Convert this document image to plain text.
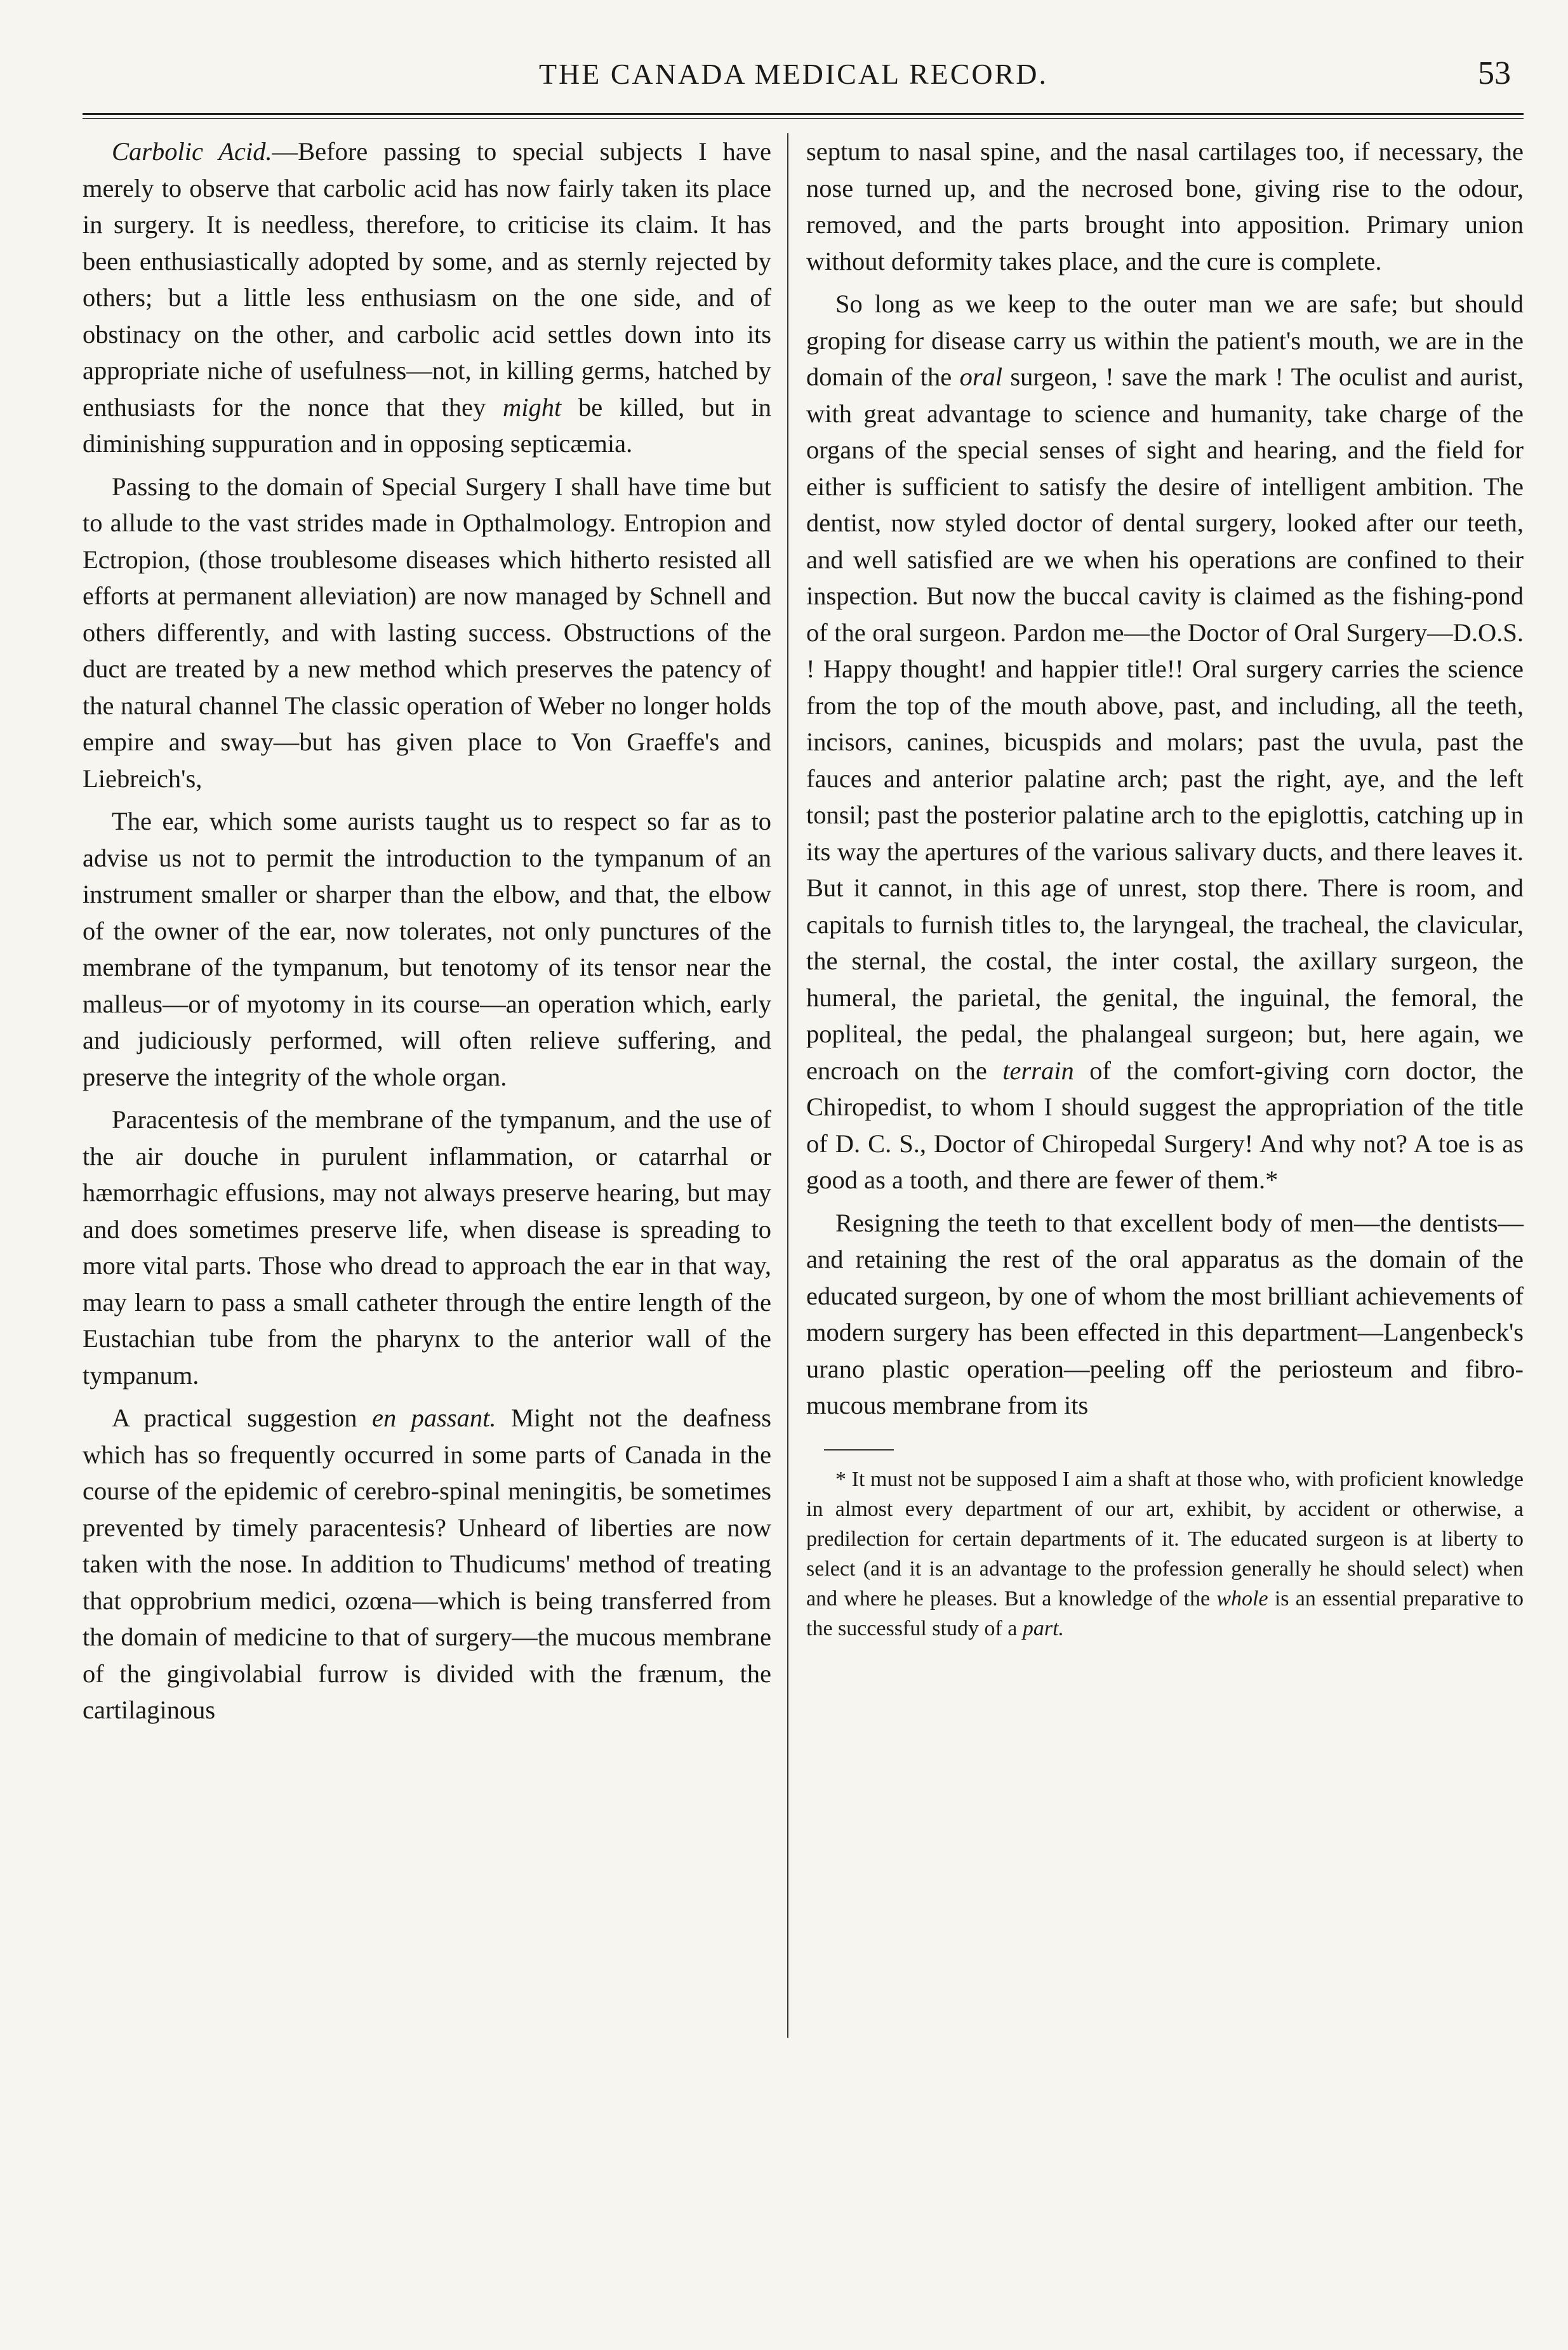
THE CANADA MEDICAL RECORD.	53

Carbolic Acid.—Before passing to special subjects I have merely to observe that carbolic acid has now fairly taken its place in surgery. It is needless, therefore, to criticise its claim. It has been enthusiastically adopted by some, and as sternly rejected by others; but a little less enthusiasm on the one side, and of obstinacy on the other, and carbolic acid settles down into its appropriate niche of usefulness—not, in killing germs, hatched by enthusiasts for the nonce that they might be killed, but in diminishing suppuration and in opposing septicæmia.

Passing to the domain of Special Surgery I shall have time but to allude to the vast strides made in Opthalmology. Entropion and Ectropion, (those troublesome diseases which hitherto resisted all efforts at permanent alleviation) are now managed by Schnell and others differently, and with lasting success. Obstructions of the duct are treated by a new method which preserves the patency of the natural channel The classic operation of Weber no longer holds empire and sway—but has given place to Von Graeffe's and Liebreich's,

The ear, which some aurists taught us to respect so far as to advise us not to permit the introduction to the tympanum of an instrument smaller or sharper than the elbow, and that, the elbow of the owner of the ear, now tolerates, not only punctures of the membrane of the tympanum, but tenotomy of its tensor near the malleus—or of myotomy in its course—an operation which, early and judiciously performed, will often relieve suffering, and preserve the integrity of the whole organ.

Paracentesis of the membrane of the tympanum, and the use of the air douche in purulent inflammation, or catarrhal or hæmorrhagic effusions, may not always preserve hearing, but may and does sometimes preserve life, when disease is spreading to more vital parts. Those who dread to approach the ear in that way, may learn to pass a small catheter through the entire length of the Eustachian tube from the pharynx to the anterior wall of the tympanum.

A practical suggestion en passant. Might not the deafness which has so frequently occurred in some parts of Canada in the course of the epidemic of cerebro-spinal meningitis, be sometimes prevented by timely paracentesis? Unheard of liberties are now taken with the nose. In addition to Thudicums' method of treating that opprobrium medici, ozœna—which is being transferred from the domain of medicine to that of surgery—the mucous membrane of the gingivolabial furrow is divided with the frænum, the cartilaginous

septum to nasal spine, and the nasal cartilages too, if necessary, the nose turned up, and the necrosed bone, giving rise to the odour, removed, and the parts brought into apposition. Primary union without deformity takes place, and the cure is complete.

So long as we keep to the outer man we are safe; but should groping for disease carry us within the patient's mouth, we are in the domain of the oral surgeon, ! save the mark ! The oculist and aurist, with great advantage to science and humanity, take charge of the organs of the special senses of sight and hearing, and the field for either is sufficient to satisfy the desire of intelligent ambition. The dentist, now styled doctor of dental surgery, looked after our teeth, and well satisfied are we when his operations are confined to their inspection. But now the buccal cavity is claimed as the fishing-pond of the oral surgeon. Pardon me—the Doctor of Oral Surgery—D.O.S. ! Happy thought! and happier title!! Oral surgery carries the science from the top of the mouth above, past, and including, all the teeth, incisors, canines, bicuspids and molars; past the uvula, past the fauces and anterior palatine arch; past the right, aye, and the left tonsil; past the posterior palatine arch to the epiglottis, catching up in its way the apertures of the various salivary ducts, and there leaves it. But it cannot, in this age of unrest, stop there. There is room, and capitals to furnish titles to, the laryngeal, the tracheal, the clavicular, the sternal, the costal, the inter costal, the axillary surgeon, the humeral, the parietal, the genital, the inguinal, the femoral, the popliteal, the pedal, the phalangeal surgeon; but, here again, we encroach on the terrain of the comfort-giving corn doctor, the Chiropedist, to whom I should suggest the appropriation of the title of D. C. S., Doctor of Chiropedal Surgery! And why not? A toe is as good as a tooth, and there are fewer of them.*

Resigning the teeth to that excellent body of men—the dentists—and retaining the rest of the oral apparatus as the domain of the educated surgeon, by one of whom the most brilliant achievements of modern surgery has been effected in this department—Langenbeck's urano plastic operation—peeling off the periosteum and fibro-mucous membrane from its

* It must not be supposed I aim a shaft at those who, with proficient knowledge in almost every department of our art, exhibit, by accident or otherwise, a predilection for certain departments of it. The educated surgeon is at liberty to select (and it is an advantage to the profession generally he should select) when and where he pleases. But a knowledge of the whole is an essential preparative to the successful study of a part.
